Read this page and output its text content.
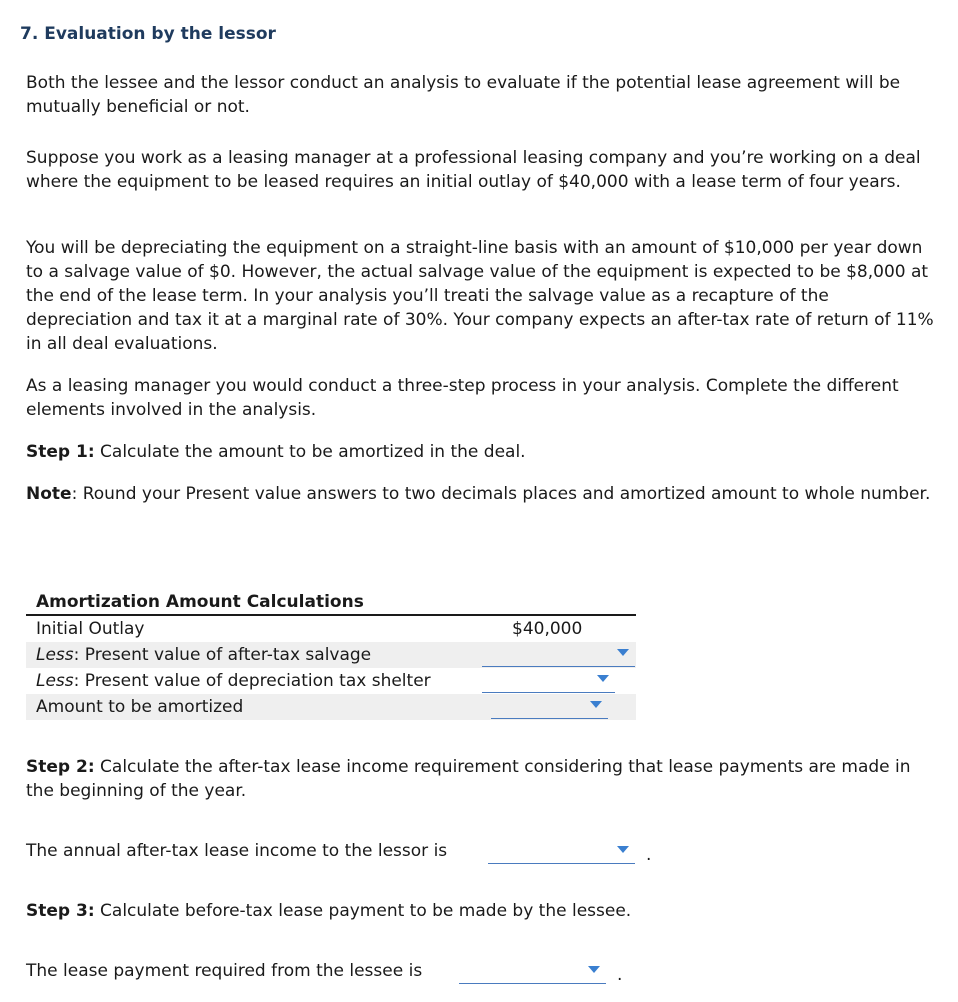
7. Evaluation by the lessor

Both the lessee and the lessor conduct an analysis to evaluate if the potential lease agreement will be mutually beneficial or not.

Suppose you work as a leasing manager at a professional leasing company and you’re working on a deal where the equipment to be leased requires an initial outlay of $40,000 with a lease term of four years.

You will be depreciating the equipment on a straight-line basis with an amount of $10,000 per year down to a salvage value of $0. However, the actual salvage value of the equipment is expected to be $8,000 at the end of the lease term. In your analysis you’ll treati the salvage value as a recapture of the depreciation and tax it at a marginal rate of 30%. Your company expects an after-tax rate of return of 11% in all deal evaluations.

As a leasing manager you would conduct a three-step process in your analysis. Complete the different elements involved in the analysis.

Step 1: Calculate the amount to be amortized in the deal.

Note: Round your Present value answers to two decimals places and amortized amount to whole number.

Amortization Amount Calculations
Initial Outlay	$40,000
Less: Present value of after-tax salvage
Less: Present value of depreciation tax shelter
Amount to be amortized

Step 2: Calculate the after-tax lease income requirement considering that lease payments are made in the beginning of the year.

The annual after-tax lease income to the lessor is	.

Step 3: Calculate before-tax lease payment to be made by the lessee.

The lease payment required from the lessee is	.
